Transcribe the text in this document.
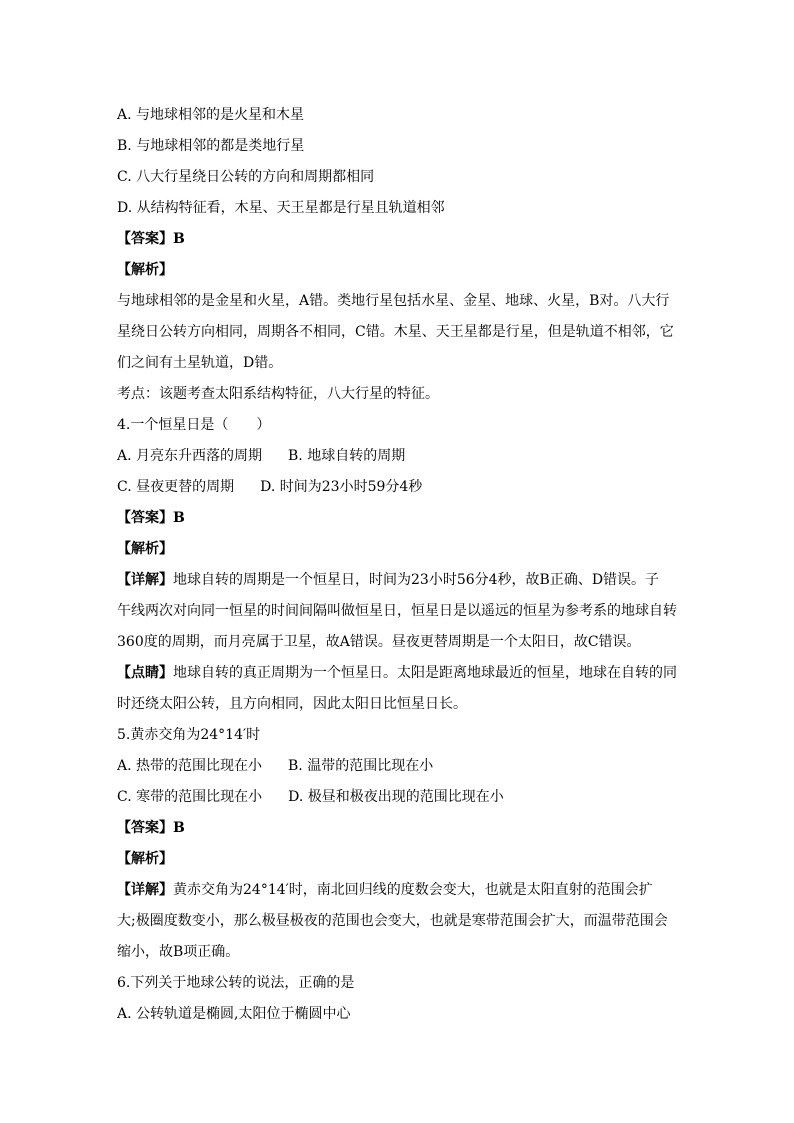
A. 与地球相邻的是火星和木星
B. 与地球相邻的都是类地行星
C. 八大行星绕日公转的方向和周期都相同
D. 从结构特征看，木星、天王星都是行星且轨道相邻
【答案】B
【解析】
与地球相邻的是金星和火星，A错。类地行星包括水星、金星、地球、火星，B对。八大行
星绕日公转方向相同，周期各不相同，C错。木星、天王星都是行星，但是轨道不相邻，它
们之间有土星轨道，D错。
考点：该题考查太阳系结构特征，八大行星的特征。
4.一个恒星日是（　　）
A. 月亮东升西落的周期 B. 地球自转的周期
C. 昼夜更替的周期 D. 时间为23小时59分4秒
【答案】B
【解析】
【详解】地球自转的周期是一个恒星日，时间为23小时56分4秒，故B正确、D错误。子
午线两次对向同一恒星的时间间隔叫做恒星日，恒星日是以遥远的恒星为参考系的地球自转
360度的周期，而月亮属于卫星，故A错误。昼夜更替周期是一个太阳日，故C错误。
【点睛】地球自转的真正周期为一个恒星日。太阳是距离地球最近的恒星，地球在自转的同
时还绕太阳公转，且方向相同，因此太阳日比恒星日长。
5.黄赤交角为24°14′时
A. 热带的范围比现在小 B. 温带的范围比现在小
C. 寒带的范围比现在小 D. 极昼和极夜出现的范围比现在小
【答案】B
【解析】
【详解】黄赤交角为24°14′时，南北回归线的度数会变大，也就是太阳直射的范围会扩
大;极圈度数变小，那么极昼极夜的范围也会变大，也就是寒带范围会扩大，而温带范围会
缩小，故B项正确。
6.下列关于地球公转的说法，正确的是
A. 公转轨道是椭圆,太阳位于椭圆中心
